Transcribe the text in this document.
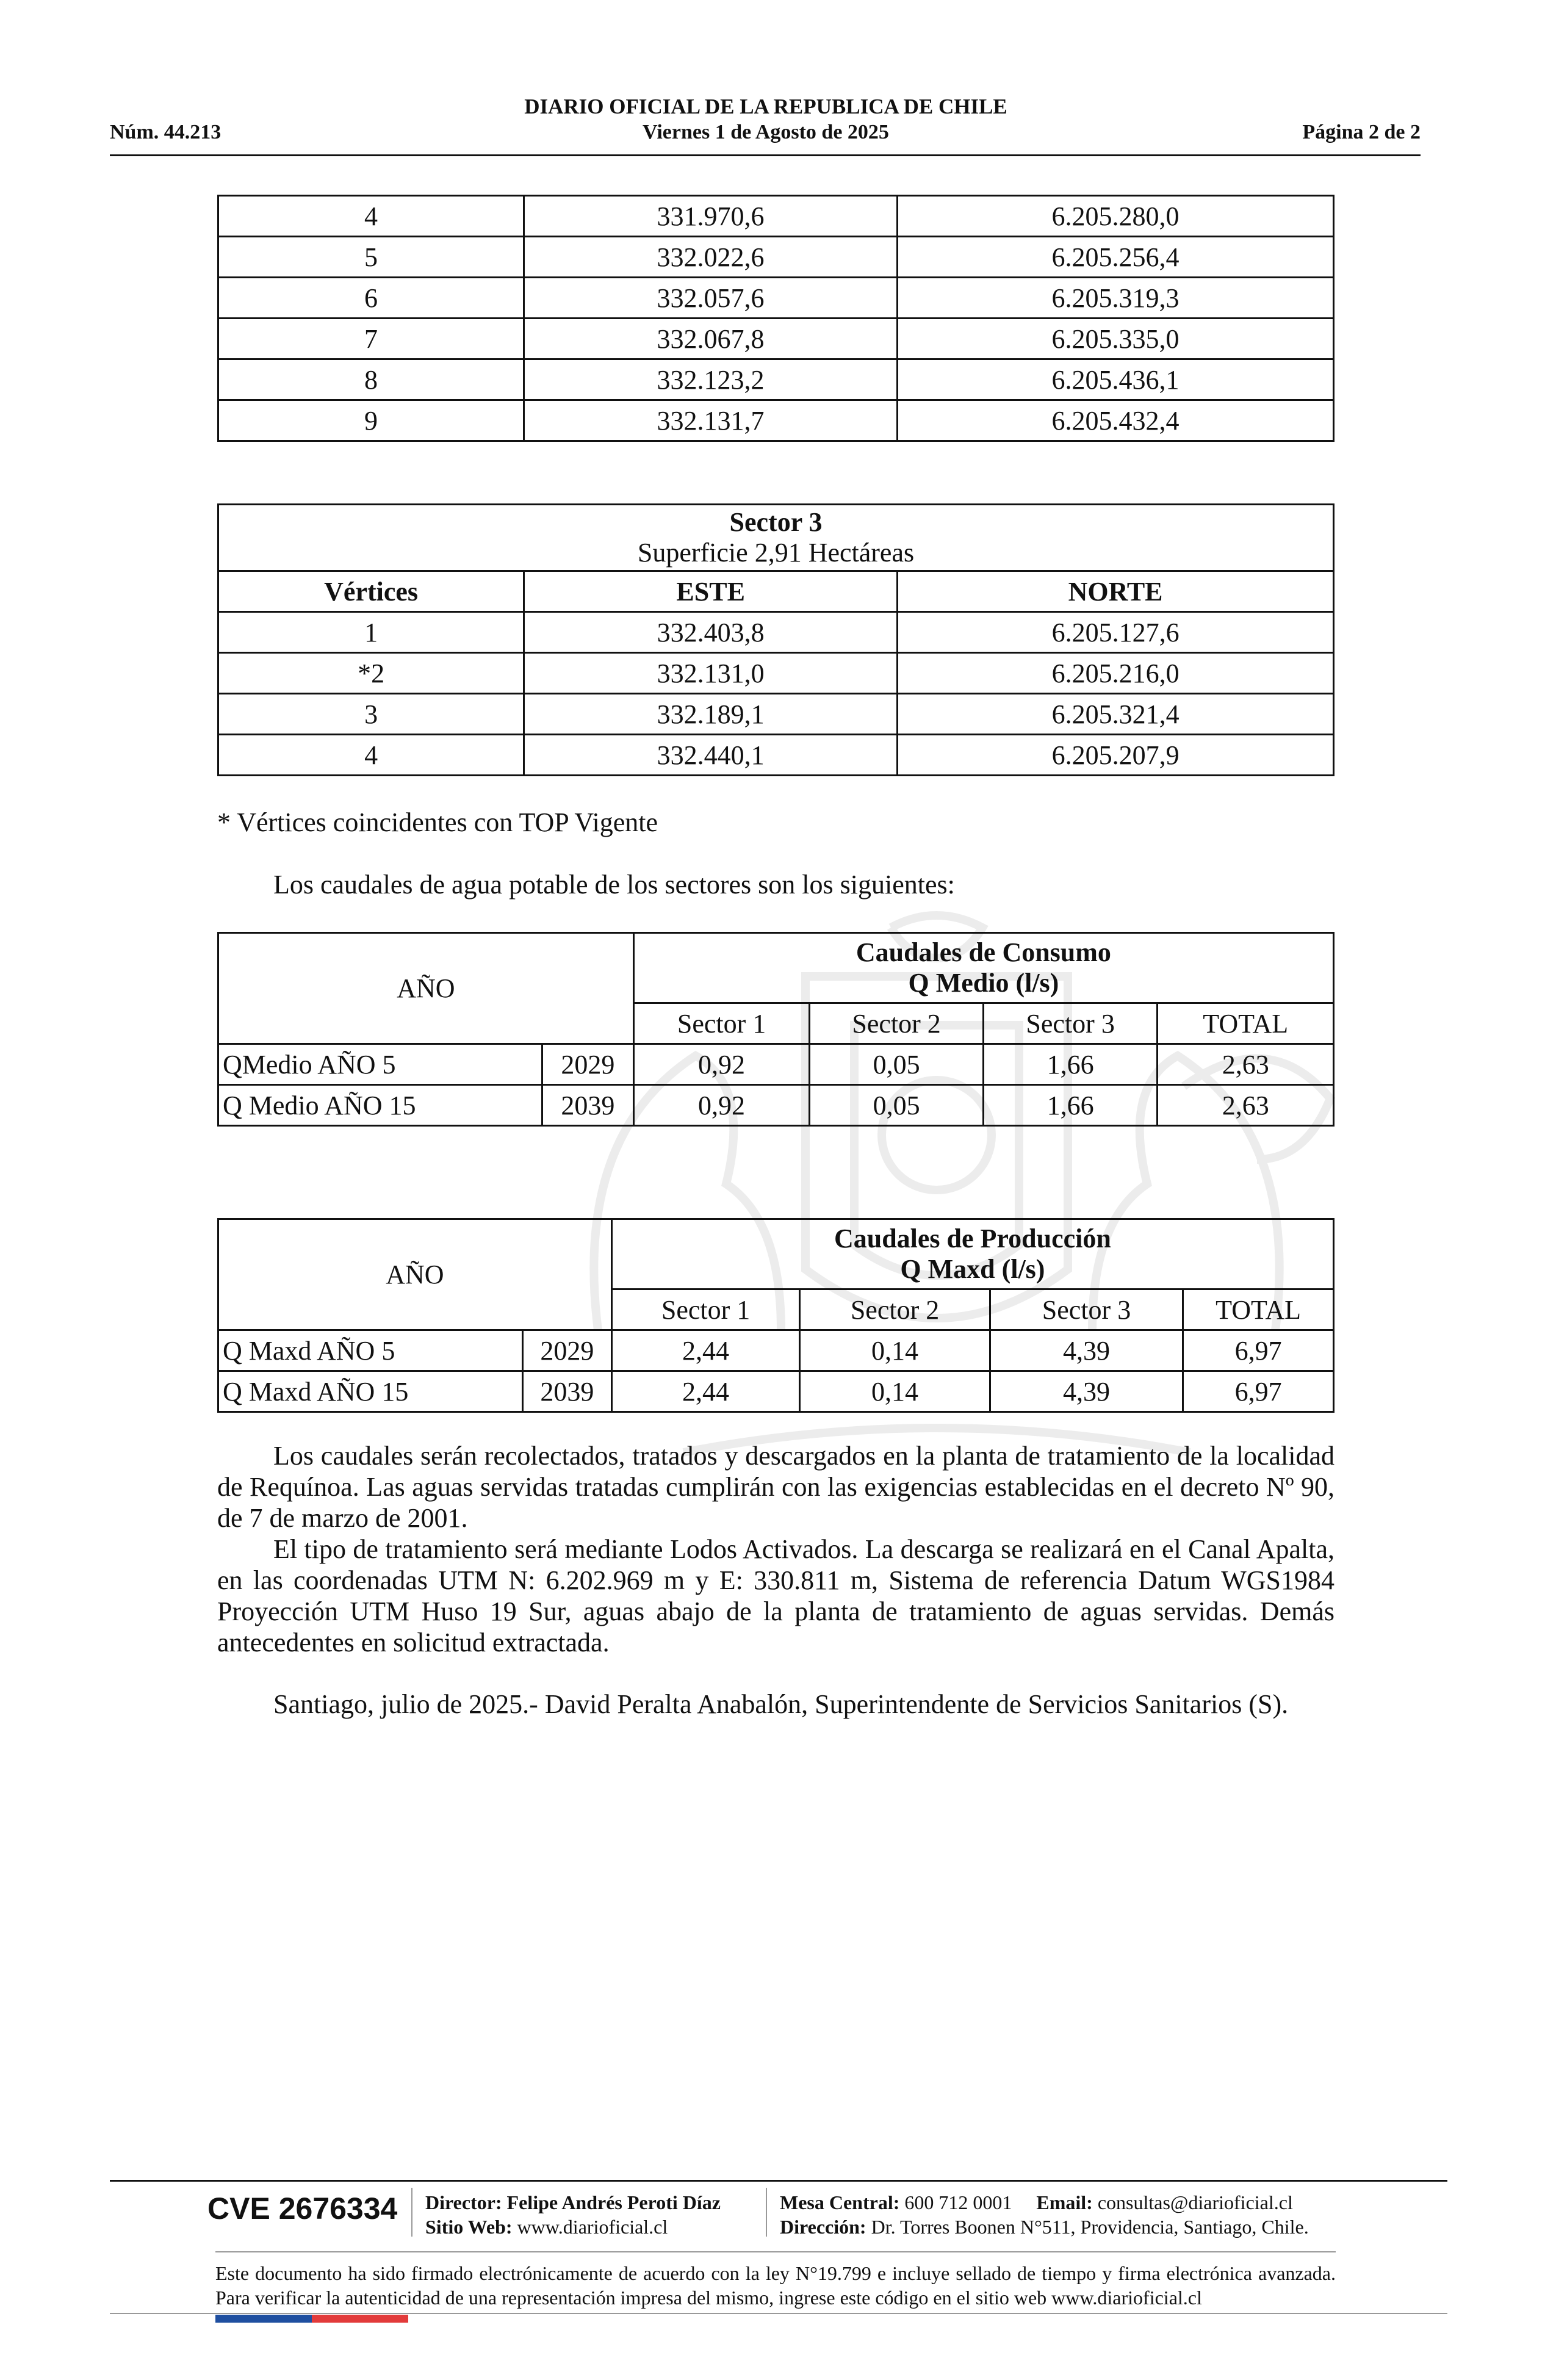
DIARIO OFICIAL DE LA REPUBLICA DE CHILE
Núm. 44.213	Viernes 1 de Agosto de 2025	Página 2 de 2
4	331.970,6	6.205.280,0
5	332.022,6	6.205.256,4
6	332.057,6	6.205.319,3
7	332.067,8	6.205.335,0
8	332.123,2	6.205.436,1
9	332.131,7	6.205.432,4
Sector 3
Superficie 2,91 Hectáreas		

Vértices	ESTE	NORTE
1	332.403,8	6.205.127,6
*2	332.131,0	6.205.216,0
3	332.189,1	6.205.321,4
4	332.440,1	6.205.207,9
* Vértices coincidentes con TOP Vigente
Los caudales de agua potable de los sectores son los siguientes:
AÑO		Caudales de Consumo
Q Medio (l/s)			

		Sector 1	Sector 2	Sector 3	TOTAL
QMedio AÑO 5	2029	0,92	0,05	1,66	2,63
Q Medio AÑO 15	2039	0,92	0,05	1,66	2,63
AÑO		Caudales de Producción
Q Maxd (l/s)			

		Sector 1	Sector 2	Sector 3	TOTAL
Q Maxd AÑO 5	2029	2,44	0,14	4,39	6,97
Q Maxd AÑO 15	2039	2,44	0,14	4,39	6,97
Los caudales serán recolectados, tratados y descargados en la planta de tratamiento de la localidad de Requínoa. Las aguas servidas tratadas cumplirán con las exigencias establecidas en el decreto Nº 90, de 7 de marzo de 2001.
El tipo de tratamiento será mediante Lodos Activados. La descarga se realizará en el Canal Apalta, en las coordenadas UTM N: 6.202.969 m y E: 330.811 m, Sistema de referencia Datum WGS1984 Proyección UTM Huso 19 Sur, aguas abajo de la planta de tratamiento de aguas servidas. Demás antecedentes en solicitud extractada.
Santiago, julio de 2025.- David Peralta Anabalón, Superintendente de Servicios Sanitarios (S).
CVE 2676334 Director: Felipe Andrés Peroti Díaz
Sitio Web: www.diarioficial.cl
Mesa Central: 600 712 0001 Email: consultas@diarioficial.cl
Dirección: Dr. Torres Boonen N°511, Providencia, Santiago, Chile.
Este documento ha sido firmado electrónicamente de acuerdo con la ley N°19.799 e incluye sellado de tiempo y firma electrónica avanzada. Para verificar la autenticidad de una representación impresa del mismo, ingrese este código en el sitio web www.diarioficial.cl
